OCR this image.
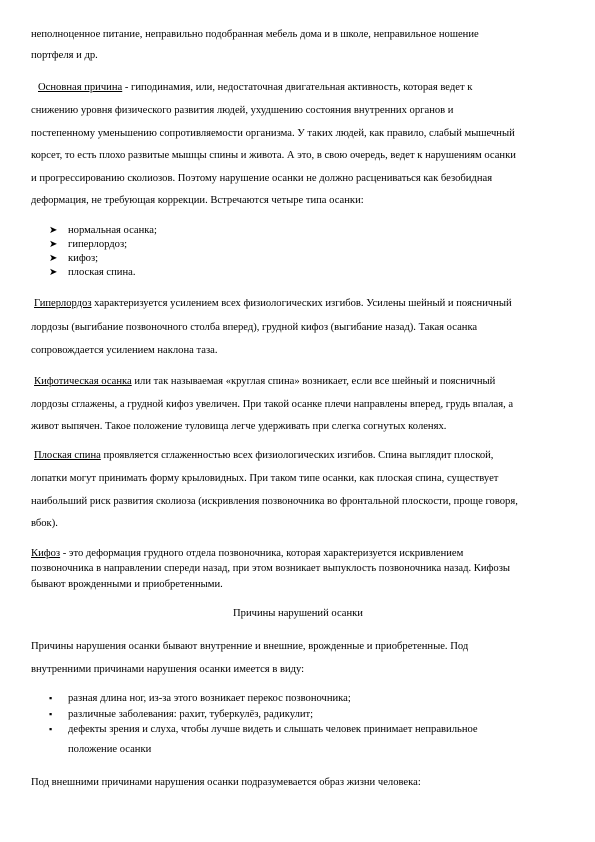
неполноценное питание, неправильно подобранная мебель дома и в школе, неправильное ношение
портфеля и др.
Основная причина - гиподинамия, или, недостаточная двигательная активность, которая ведет к
снижению уровня физического развития людей, ухудшению состояния внутренних органов и
постепенному уменьшению сопротивляемости организма. У таких людей, как правило, слабый мышечный
корсет, то есть плохо развитые мышцы спины и живота. А это, в свою очередь, ведет к нарушениям осанки
и прогрессированию сколиозов. Поэтому нарушение осанки не должно расцениваться как безобидная
деформация, не требующая коррекции. Встречаются четыре типа осанки:
➤ нормальная осанка;
➤ гиперлордоз;
➤ кифоз;
➤ плоская спина.
Гиперлордоз характеризуется усилением всех физиологических изгибов. Усилены шейный и поясничный
лордозы (выгибание позвоночного столба вперед), грудной кифоз (выгибание назад). Такая осанка
сопровождается усилением наклона таза.
Кифотическая осанка или так называемая «круглая спина» возникает, если все шейный и поясничный
лордозы сглажены, а грудной кифоз увеличен. При такой осанке плечи направлены вперед, грудь впалая, а
живот выпячен. Такое положение туловища легче удерживать при слегка согнутых коленях.
Плоская спина проявляется сглаженностью всех физиологических изгибов. Спина выглядит плоской,
лопатки могут принимать форму крыловидных. При таком типе осанки, как плоская спина, существует
наибольший риск развития сколиоза (искривления позвоночника во фронтальной плоскости, проще говоря,
вбок).
Кифоз - это деформация грудного отдела позвоночника, которая характеризуется искривлением
позвоночника в направлении спереди назад, при этом возникает выпуклость позвоночника назад. Кифозы
бывают врожденными и приобретенными.
Причины нарушений осанки
Причины нарушения осанки бывают внутренние и внешние, врожденные и приобретенные. Под
внутренними причинами нарушения осанки имеется в виду:
▪ разная длина ног, из-за этого возникает перекос позвоночника;
▪ различные заболевания: рахит, туберкулёз, радикулит;
▪ дефекты зрения и слуха, чтобы лучше видеть и слышать человек принимает неправильное
положение осанки
Под внешними причинами нарушения осанки подразумевается образ жизни человека:
